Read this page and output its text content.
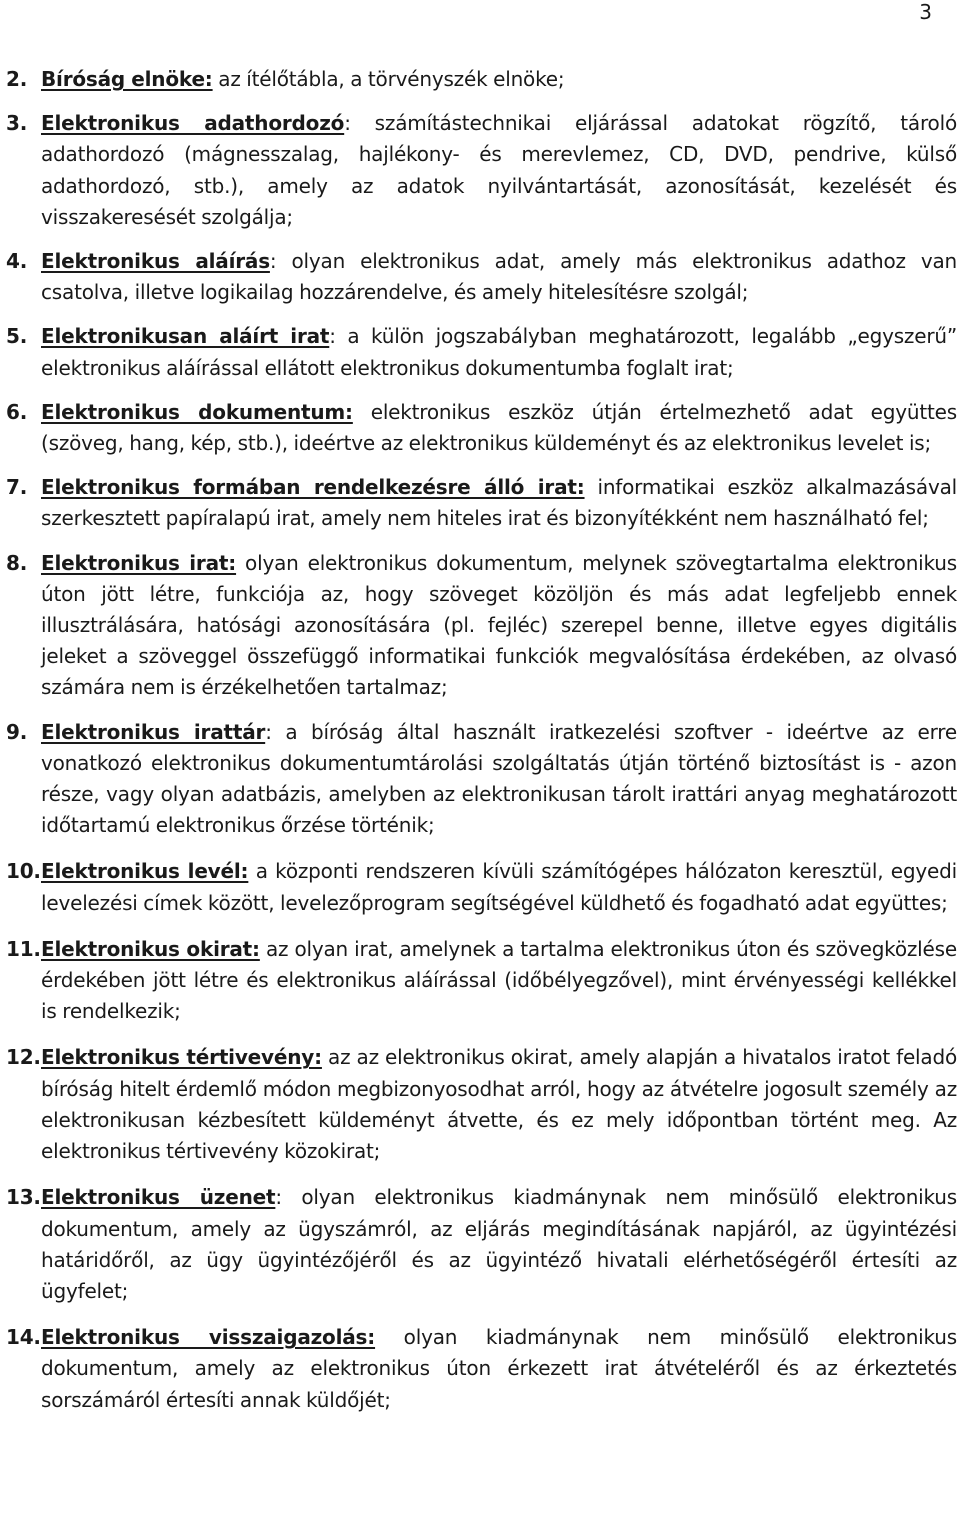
3
2. Bíróság elnöke: az ítélőtábla, a törvényszék elnöke;
3. Elektronikus adathordozó: számítástechnikai eljárással adatokat rögzítő, tároló adathordozó (mágnesszalag, hajlékony- és merevlemez, CD, DVD, pendrive, külső adathordozó, stb.), amely az adatok nyilvántartását, azonosítását, kezelését és visszakeresését szolgálja;
4. Elektronikus aláírás: olyan elektronikus adat, amely más elektronikus adathoz van csatolva, illetve logikailag hozzárendelve, és amely hitelesítésre szolgál;
5. Elektronikusan aláírt irat: a külön jogszabályban meghatározott, legalább „egyszerű” elektronikus aláírással ellátott elektronikus dokumentumba foglalt irat;
6. Elektronikus dokumentum: elektronikus eszköz útján értelmezhető adat együttes (szöveg, hang, kép, stb.), ideértve az elektronikus küldeményt és az elektronikus levelet is;
7. Elektronikus formában rendelkezésre álló irat: informatikai eszköz alkalmazásával szerkesztett papíralapú irat, amely nem hiteles irat és bizonyítékként nem használható fel;
8. Elektronikus irat: olyan elektronikus dokumentum, melynek szövegtartalma elektronikus úton jött létre, funkciója az, hogy szöveget közöljön és más adat legfeljebb ennek illusztrálására, hatósági azonosítására (pl. fejléc) szerepel benne, illetve egyes digitális jeleket a szöveggel összefüggő informatikai funkciók megvalósítása érdekében, az olvasó számára nem is érzékelhetően tartalmaz;
9. Elektronikus irattár: a bíróság által használt iratkezelési szoftver - ideértve az erre vonatkozó elektronikus dokumentumtárolási szolgáltatás útján történő biztosítást is - azon része, vagy olyan adatbázis, amelyben az elektronikusan tárolt irattári anyag meghatározott időtartamú elektronikus őrzése történik;
10. Elektronikus levél: a központi rendszeren kívüli számítógépes hálózaton keresztül, egyedi levelezési címek között, levelezőprogram segítségével küldhető és fogadható adat együttes;
11. Elektronikus okirat: az olyan irat, amelynek a tartalma elektronikus úton és szövegközlése érdekében jött létre és elektronikus aláírással (időbélyegzővel), mint érvényességi kellékkel is rendelkezik;
12. Elektronikus tértivevény: az az elektronikus okirat, amely alapján a hivatalos iratot feladó bíróság hitelt érdemlő módon megbizonyosodhat arról, hogy az átvételre jogosult személy az elektronikusan kézbesített küldeményt átvette, és ez mely időpontban történt meg. Az elektronikus tértivevény közokirat;
13. Elektronikus üzenet: olyan elektronikus kiadmánynak nem minősülő elektronikus dokumentum, amely az ügyszámról, az eljárás megindításának napjáról, az ügyintézési határidőről, az ügy ügyintézőjéről és az ügyintéző hivatali elérhetőségéről értesíti az ügyfelet;
14. Elektronikus visszaigazolás: olyan kiadmánynak nem minősülő elektronikus dokumentum, amely az elektronikus úton érkezett irat átvételéről és az érkeztetés sorszámáról értesíti annak küldőjét;
